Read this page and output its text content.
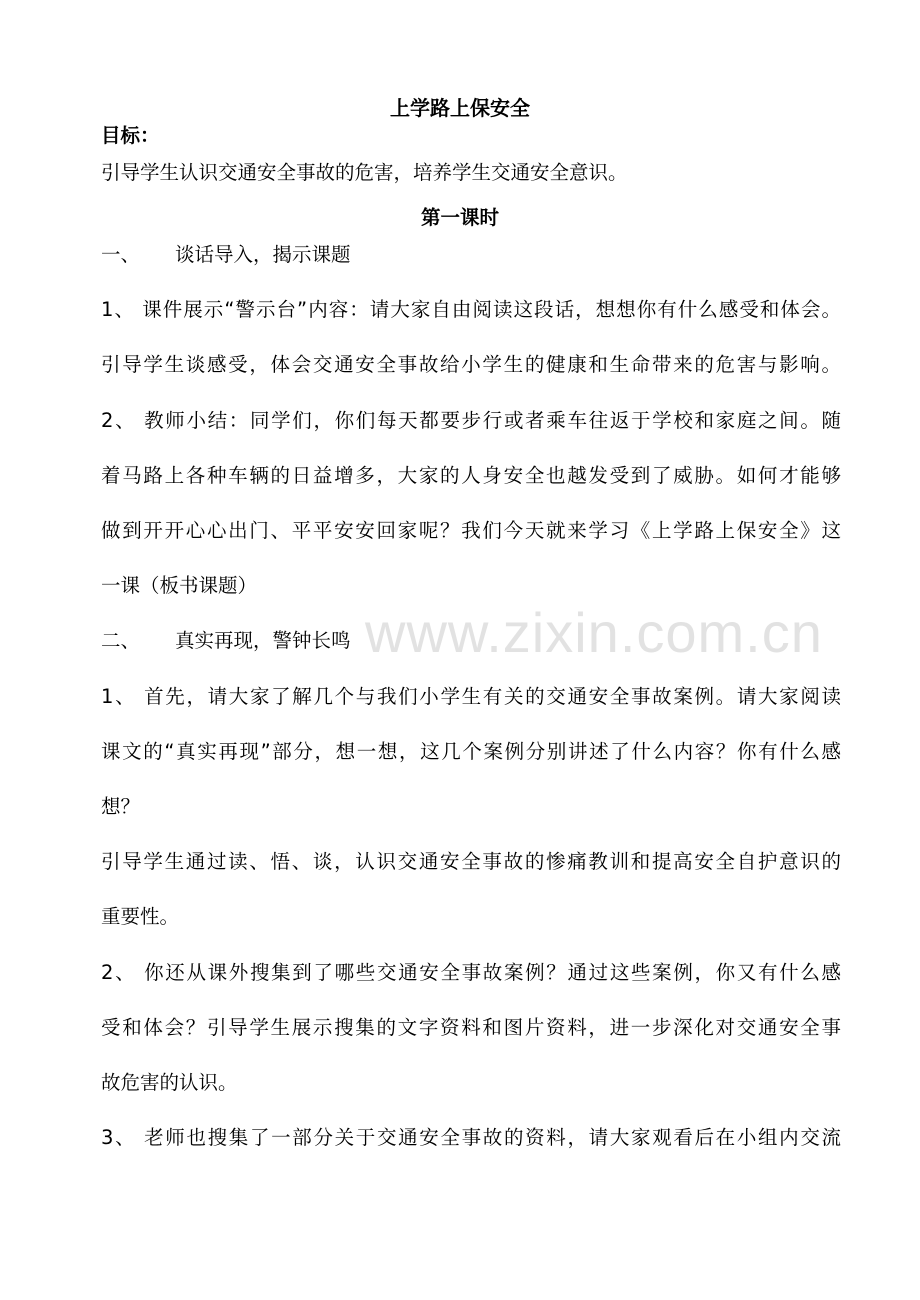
www.zixin.com.cn
上学路上保安全
目标：
引导学生认识交通安全事故的危害，培养学生交通安全意识。
第一课时
一、 谈话导入，揭示课题
1、 课件展示“警示台”内容：请大家自由阅读这段话，想想你有什么感受和体会。
引导学生谈感受，体会交通安全事故给小学生的健康和生命带来的危害与影响。
2、 教师小结：同学们，你们每天都要步行或者乘车往返于学校和家庭之间。随
着马路上各种车辆的日益增多，大家的人身安全也越发受到了威胁。如何才能够
做到开开心心出门、平平安安回家呢？我们今天就来学习《上学路上保安全》这
一课（板书课题）
二、 真实再现，警钟长鸣
1、 首先，请大家了解几个与我们小学生有关的交通安全事故案例。请大家阅读
课文的“真实再现”部分，想一想，这几个案例分别讲述了什么内容？你有什么感
想？
引导学生通过读、悟、谈，认识交通安全事故的惨痛教训和提高安全自护意识的
重要性。
2、 你还从课外搜集到了哪些交通安全事故案例？通过这些案例，你又有什么感
受和体会？引导学生展示搜集的文字资料和图片资料，进一步深化对交通安全事
故危害的认识。
3、 老师也搜集了一部分关于交通安全事故的资料，请大家观看后在小组内交流
